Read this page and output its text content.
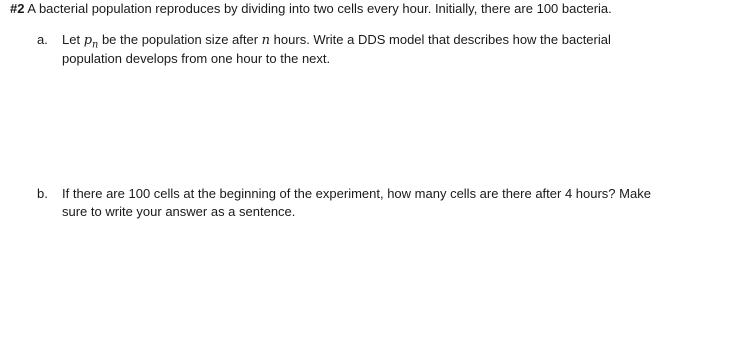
#2 A bacterial population reproduces by dividing into two cells every hour. Initially, there are 100 bacteria.

a. Let $p_n$ be the population size after n hours. Write a DDS model that describes how the bacterial
population develops from one hour to the next.
b. If there are 100 cells at the beginning of the experiment, how many cells are there after 4 hours? Make
sure to write your answer as a sentence.
